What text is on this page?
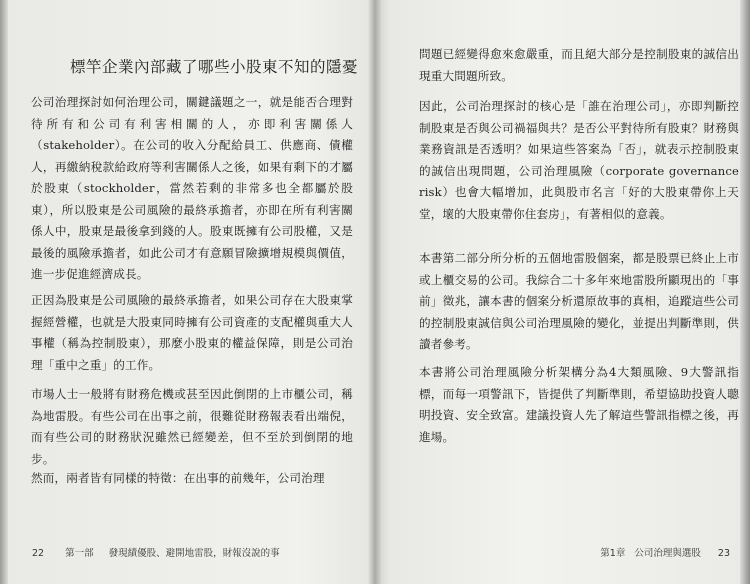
標竿企業內部藏了哪些小股東不知的隱憂

公司治理探討如何治理公司，關鍵議題之一，就是能否合理對待所有和公司有利害相關的人，亦即利害關係人（stakeholder）。在公司的收入分配給員工、供應商、債權人，再繳納稅款給政府等利害關係人之後，如果有剩下的才屬於股東（stockholder，當然若剩的非常多也全都屬於股東），所以股東是公司風險的最終承擔者，亦即在所有利害關係人中，股東是最後拿到錢的人。股東既擁有公司股權，又是最後的風險承擔者，如此公司才有意願冒險擴增規模與價值，進一步促進經濟成長。

正因為股東是公司風險的最終承擔者，如果公司存在大股東掌握經營權，也就是大股東同時擁有公司資產的支配權與重大人事權（稱為控制股東），那麼小股東的權益保障，則是公司治理「重中之重」的工作。

市場人士一般將有財務危機或甚至因此倒閉的上市櫃公司，稱為地雷股。有些公司在出事之前，很難從財務報表看出端倪，而有些公司的財務狀況雖然已經變差，但不至於到倒閉的地步。

然而，兩者皆有同樣的特徵：在出事的前幾年，公司治理

22 第一部 發現績優股、避開地雷股，財報沒說的事

問題已經變得愈來愈嚴重，而且絕大部分是控制股東的誠信出現重大問題所致。

因此，公司治理探討的核心是「誰在治理公司」，亦即判斷控制股東是否與公司禍福與共？是否公平對待所有股東？財務與業務資訊是否透明？如果這些答案為「否」，就表示控制股東的誠信出現問題，公司治理風險（corporate governance risk）也會大幅增加，此與股市名言「好的大股東帶你上天堂，壞的大股東帶你住套房」，有著相似的意義。

本書第二部分所分析的五個地雷股個案，都是股票已終止上市或上櫃交易的公司。我綜合二十多年來地雷股所顯現出的「事前」徵兆，讓本書的個案分析還原故事的真相，追蹤這些公司的控制股東誠信與公司治理風險的變化，並提出判斷準則，供讀者參考。

本書將公司治理風險分析架構分為4大類風險、9大警訊指標，而每一項警訊下，皆提供了判斷準則，希望協助投資人聰明投資、安全致富。建議投資人先了解這些警訊指標之後，再進場。

第1章 公司治理與選股 23
